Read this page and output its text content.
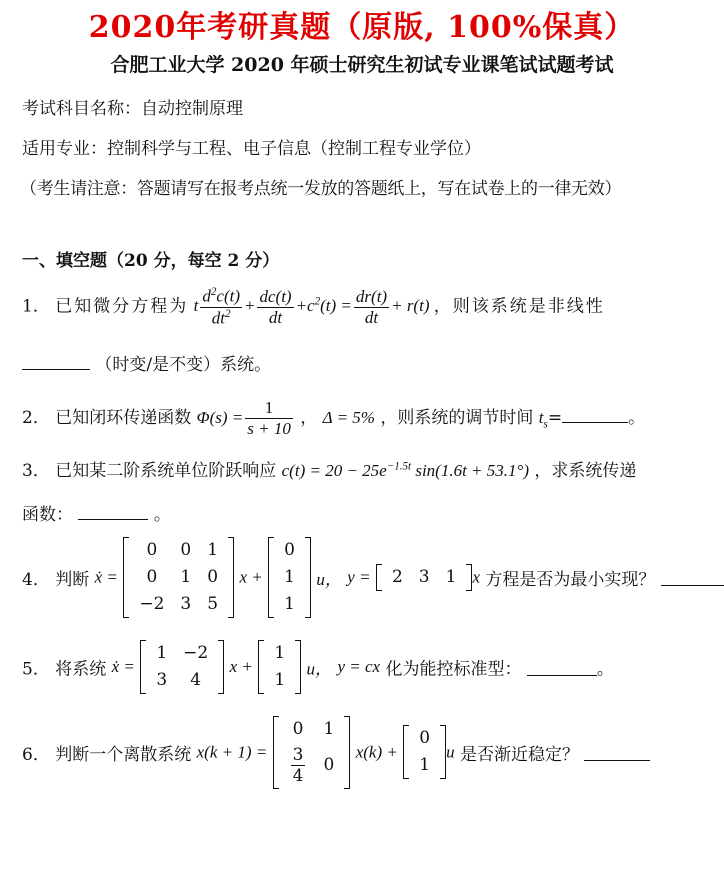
2020年考研真题（原版, 100%保真）
合肥工业大学 2020 年硕士研究生初试专业课笔试试题考试
考试科目名称：自动控制原理
适用专业：控制科学与工程、电子信息（控制工程专业学位）
（考生请注意：答题请写在报考点统一发放的答题纸上，写在试卷上的一律无效）
一、填空题（20 分，每空 2 分）
1． 已知微分方程为 t $\frac{d^2c(t)}{dt^2} + \frac{dc(t)}{dt} +c^2(t) = \frac{dr(t)}{dt} + r(t)$ ，则该系统是非线性
（时变/是不变）系统。
2． 已知闭环传递函数 $\Phi(s) = \frac{1}{s + 10}$ ， Δ = 5% ，则系统的调节时间 $t_s=$	。
3． 已知某二阶系统单位阶跃响应 $c(t) = 20 - 25e^{-1.5t}$ sin(1.6t + 53.1°) ，求系统传递
函数：	。
4． 判断 ẋ =
0	0	1
0	1	0
−2	3	5
x +
0
1
1
u， y = 2	3	1 x 方程是否为最小实现？
5． 将系统 ẋ =
1	−2
3	4
x +
1
1
u， y = cx 化为能控标准型：	。
6． 判断一个离散系统 x(k + 1) =
0	1

$\frac{3}{4}$	0
x(k) +
0
1
u 是否渐近稳定？
